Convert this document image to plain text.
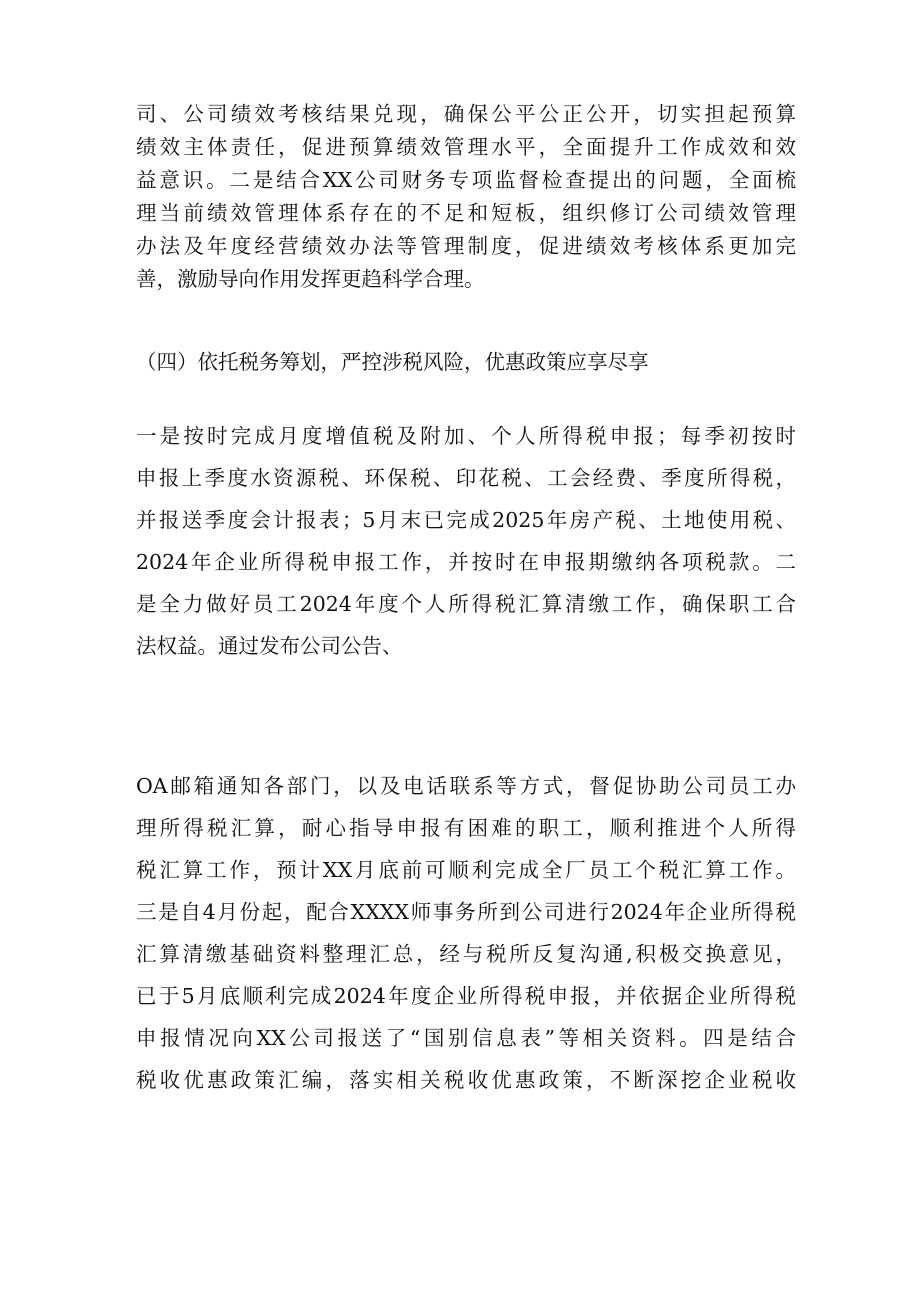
司、公司绩效考核结果兑现，确保公平公正公开，切实担起预算
绩效主体责任，促进预算绩效管理水平，全面提升工作成效和效
益意识。二是结合XX公司财务专项监督检查提出的问题，全面梳
理当前绩效管理体系存在的不足和短板，组织修订公司绩效管理
办法及年度经营绩效办法等管理制度，促进绩效考核体系更加完
善，激励导向作用发挥更趋科学合理。
（四）依托税务筹划，严控涉税风险，优惠政策应享尽享
一是按时完成月度增值税及附加、个人所得税申报；每季初按时
申报上季度水资源税、环保税、印花税、工会经费、季度所得税，
并报送季度会计报表；5月末已完成2025年房产税、土地使用税、
2024年企业所得税申报工作，并按时在申报期缴纳各项税款。二
是全力做好员工2024年度个人所得税汇算清缴工作，确保职工合
法权益。通过发布公司公告、
OA邮箱通知各部门，以及电话联系等方式，督促协助公司员工办
理所得税汇算，耐心指导申报有困难的职工，顺利推进个人所得
税汇算工作，预计XX月底前可顺利完成全厂员工个税汇算工作。
三是自4月份起，配合XXXX师事务所到公司进行2024年企业所得税
汇算清缴基础资料整理汇总，经与税所反复沟通,积极交换意见，
已于5月底顺利完成2024年度企业所得税申报，并依据企业所得税
申报情况向XX公司报送了“国别信息表”等相关资料。四是结合
税收优惠政策汇编，落实相关税收优惠政策，不断深挖企业税收
